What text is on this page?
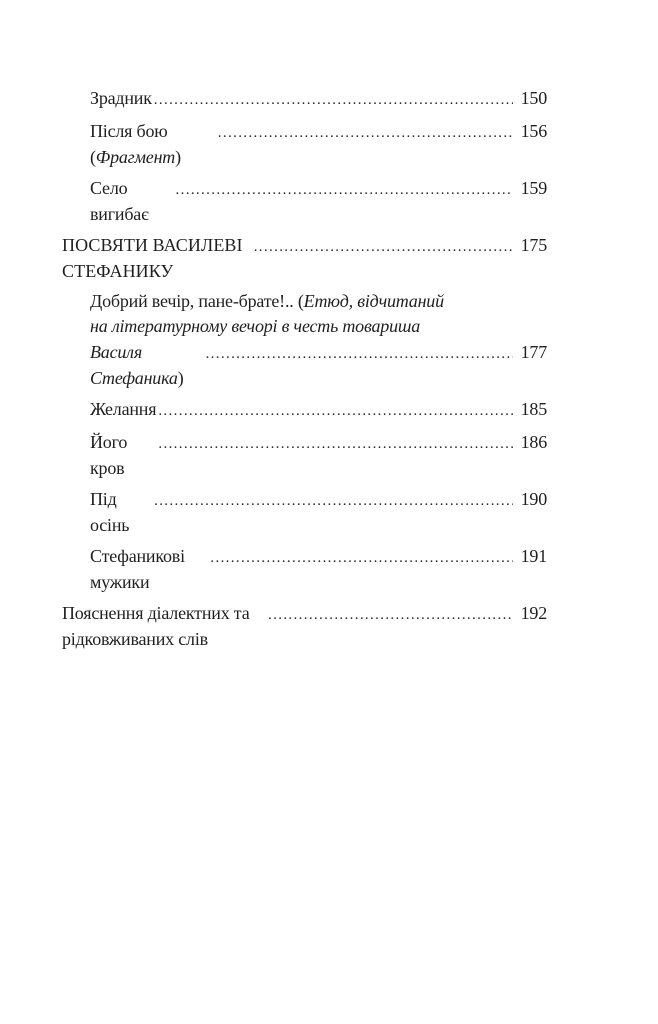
Зрадник . . .	150
Після бою (Фрагмент)
. . .
156
Село вигибає
. . .
159
ПОСВЯТИ ВАСИЛЕВІ СТЕФАНИКУ
. . .
175
Добрий вечір, пане-брате!.. (Етюд, відчитаний
на літературному вечорі в честь товариша
Василя Стефаника)
. . .
177
Желання . . .	185
Його кров
. . .
186
Під осінь
. . .
190
Стефаникові мужики
. . .
191
Пояснення діалектних та рідковживаних слів
. . .
192
